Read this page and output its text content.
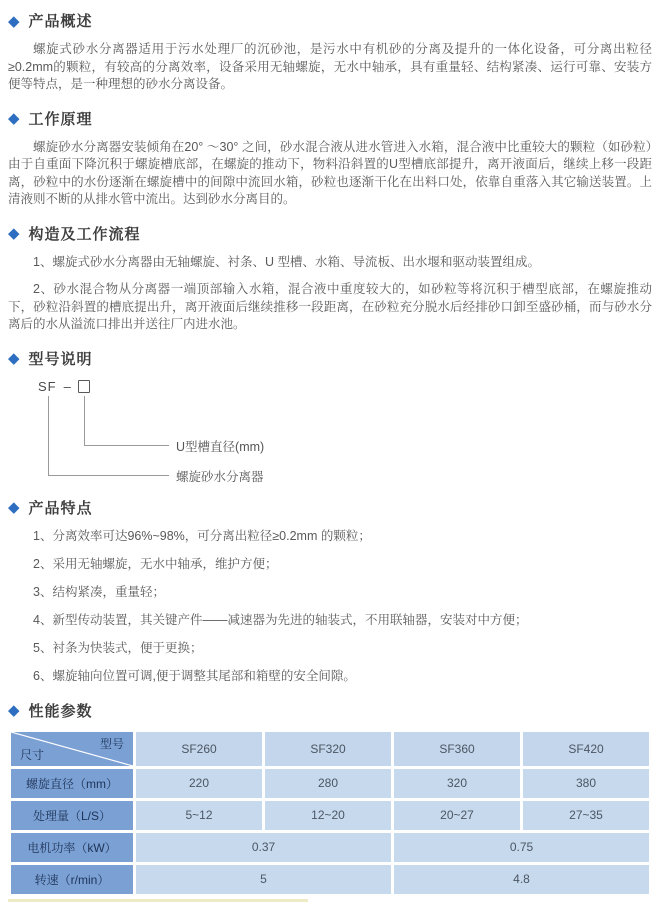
◆ 产品概述

螺旋式砂水分离器适用于污水处理厂的沉砂池，是污水中有机砂的分离及提升的一体化设备，可分离出粒径≥0.2mm的颗粒，有较高的分离效率，设备采用无轴螺旋，无水中轴承，具有重量轻、结构紧凑、运行可靠、安装方便等特点，是一种理想的砂水分离设备。

◆ 工作原理

螺旋砂水分离器安装倾角在20° ～30° 之间，砂水混合液从进水管进入水箱，混合液中比重较大的颗粒（如砂粒）由于自重面下降沉积于螺旋槽底部，在螺旋的推动下，物料沿斜置的U型槽底部提升，离开液面后，继续上移一段距离，砂粒中的水份逐渐在螺旋槽中的间隙中流回水箱，砂粒也逐渐干化在出料口处，依靠自重落入其它输送装置。上清液则不断的从排水管中流出。达到砂水分离目的。

◆ 构造及工作流程

1、螺旋式砂水分离器由无轴螺旋、衬条、U 型槽、水箱、导流板、出水堰和驱动装置组成。

2、砂水混合物从分离器一端顶部输入水箱，混合液中重度较大的，如砂粒等将沉积于槽型底部，在螺旋推动下，砂粒沿斜置的槽底提出升，离开液面后继续推移一段距离，在砂粒充分脱水后经排砂口卸至盛砂桶，而与砂水分离后的水从溢流口排出并送往厂内进水池。

◆ 型号说明
SF –
U型槽直径(mm)
螺旋砂水分离器
◆ 产品特点

1、分离效率可达96%~98%，可分离出粒径≥0.2mm 的颗粒；

2、采用无轴螺旋，无水中轴承，维护方便；

3、结构紧凑，重量轻；

4、新型传动装置，其关键产件——减速器为先进的轴装式，不用联轴器，安装对中方便；

5、衬条为快装式，便于更换；

6、螺旋轴向位置可调,便于调整其尾部和箱壁的安全间隙。

◆ 性能参数
型号
尺寸	SF260	SF320	SF360	SF420
螺旋直径（mm）	220	280	320	380
处理量（L/S）	5~12	12~20	20~27	27~35
电机功率（kW）	0.37		0.75	
转速（r/min）	5		4.8	
